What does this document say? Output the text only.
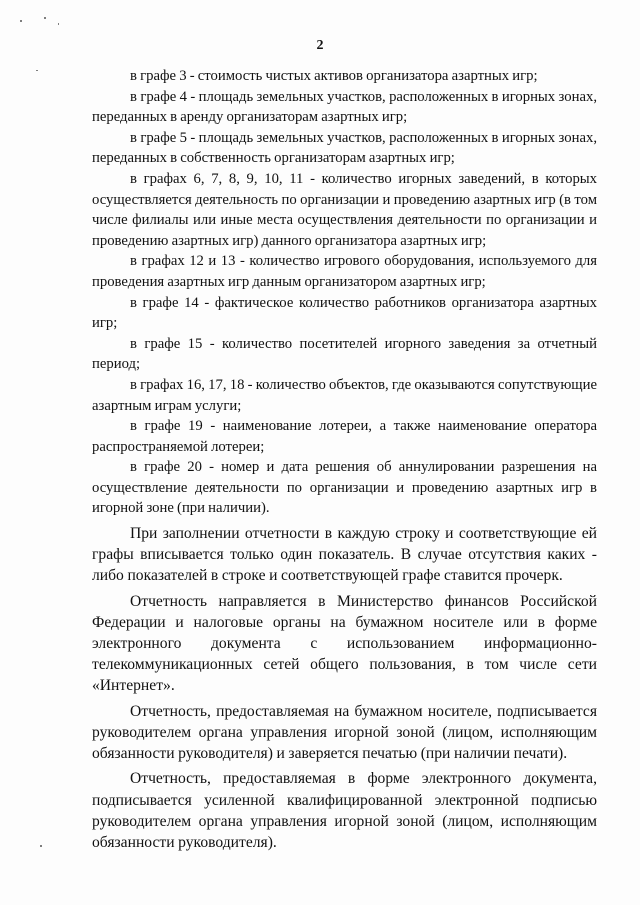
2

в графе 3 - стоимость чистых активов организатора азартных игр;

в графе 4 - площадь земельных участков, расположенных в игорных зонах, переданных в аренду организаторам азартных игр;

в графе 5 - площадь земельных участков, расположенных в игорных зонах, переданных в собственность организаторам азартных игр;

в графах 6, 7, 8, 9, 10, 11 - количество игорных заведений, в которых осуществляется деятельность по организации и проведению азартных игр (в том числе филиалы или иные места осуществления деятельности по организации и проведению азартных игр) данного организатора азартных игр;

в графах 12 и 13 - количество игрового оборудования, используемого для проведения азартных игр данным организатором азартных игр;

в графе 14 - фактическое количество работников организатора азартных игр;

в графе 15 - количество посетителей игорного заведения за отчетный период;

в графах 16, 17, 18 - количество объектов, где оказываются сопутствующие азартным играм услуги;

в графе 19 - наименование лотереи, а также наименование оператора распространяемой лотереи;

в графе 20 - номер и дата решения об аннулировании разрешения на осуществление деятельности по организации и проведению азартных игр в игорной зоне (при наличии).

При заполнении отчетности в каждую строку и соответствующие ей графы вписывается только один показатель. В случае отсутствия каких - либо показателей в строке и соответствующей графе ставится прочерк.

Отчетность направляется в Министерство финансов Российской Федерации и налоговые органы на бумажном носителе или в форме электронного документа с использованием информационно-телекоммуникационных сетей общего пользования, в том числе сети «Интернет».

Отчетность, предоставляемая на бумажном носителе, подписывается руководителем органа управления игорной зоной (лицом, исполняющим обязанности руководителя) и заверяется печатью (при наличии печати).

Отчетность, предоставляемая в форме электронного документа, подписывается усиленной квалифицированной электронной подписью руководителем органа управления игорной зоной (лицом, исполняющим обязанности руководителя).
